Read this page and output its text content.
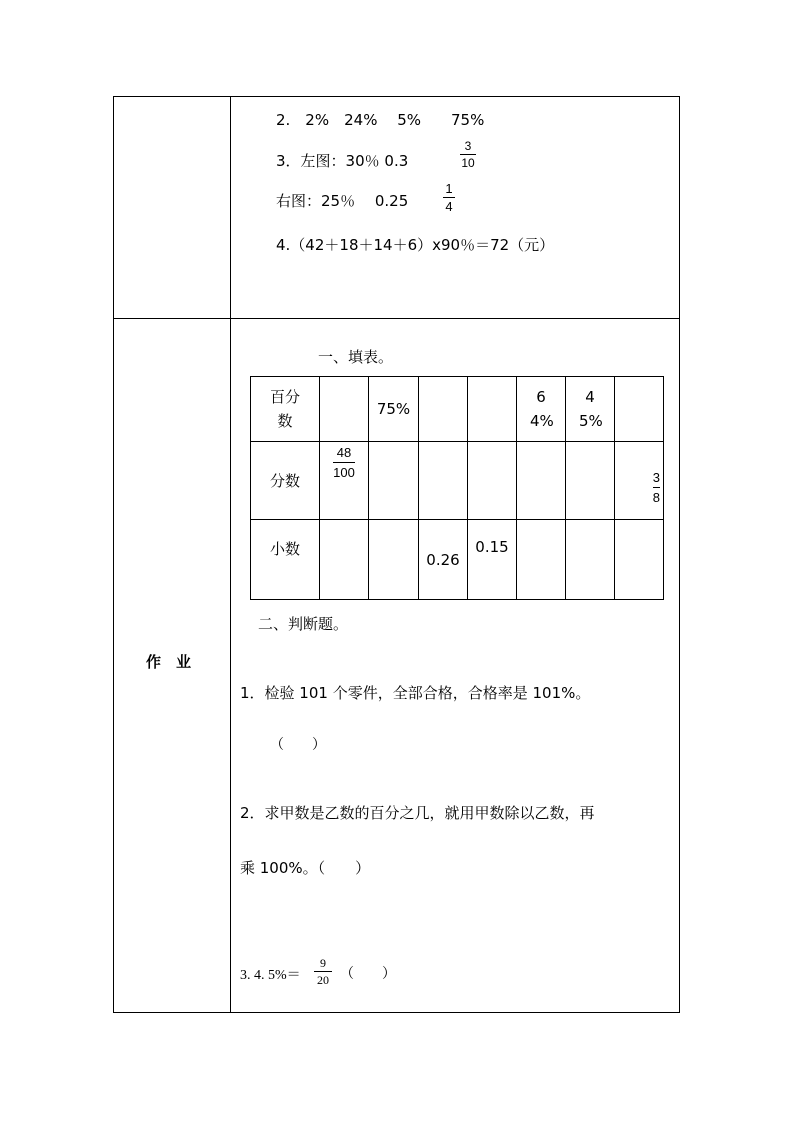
2.　2%　24%　 5%　　75%
3．左图：30％ 0.3
3
10
右图：25％　 0.25
1
4
4.（42＋18＋14＋6）x90％＝72（元）
作　业
一、填表。
百分数		75%			64%	45%	
分数	$\frac{48}{100}$						$\frac{3}{8}$

小数			0.26	0.15			
二、判断题。
1．检验 101 个零件，全部合格，合格率是 101%。
（　　）
2．求甲数是乙数的百分之几，就用甲数除以乙数，再
乘 100%。（　　）
3. 4. 5%＝
9
20 （　　）
